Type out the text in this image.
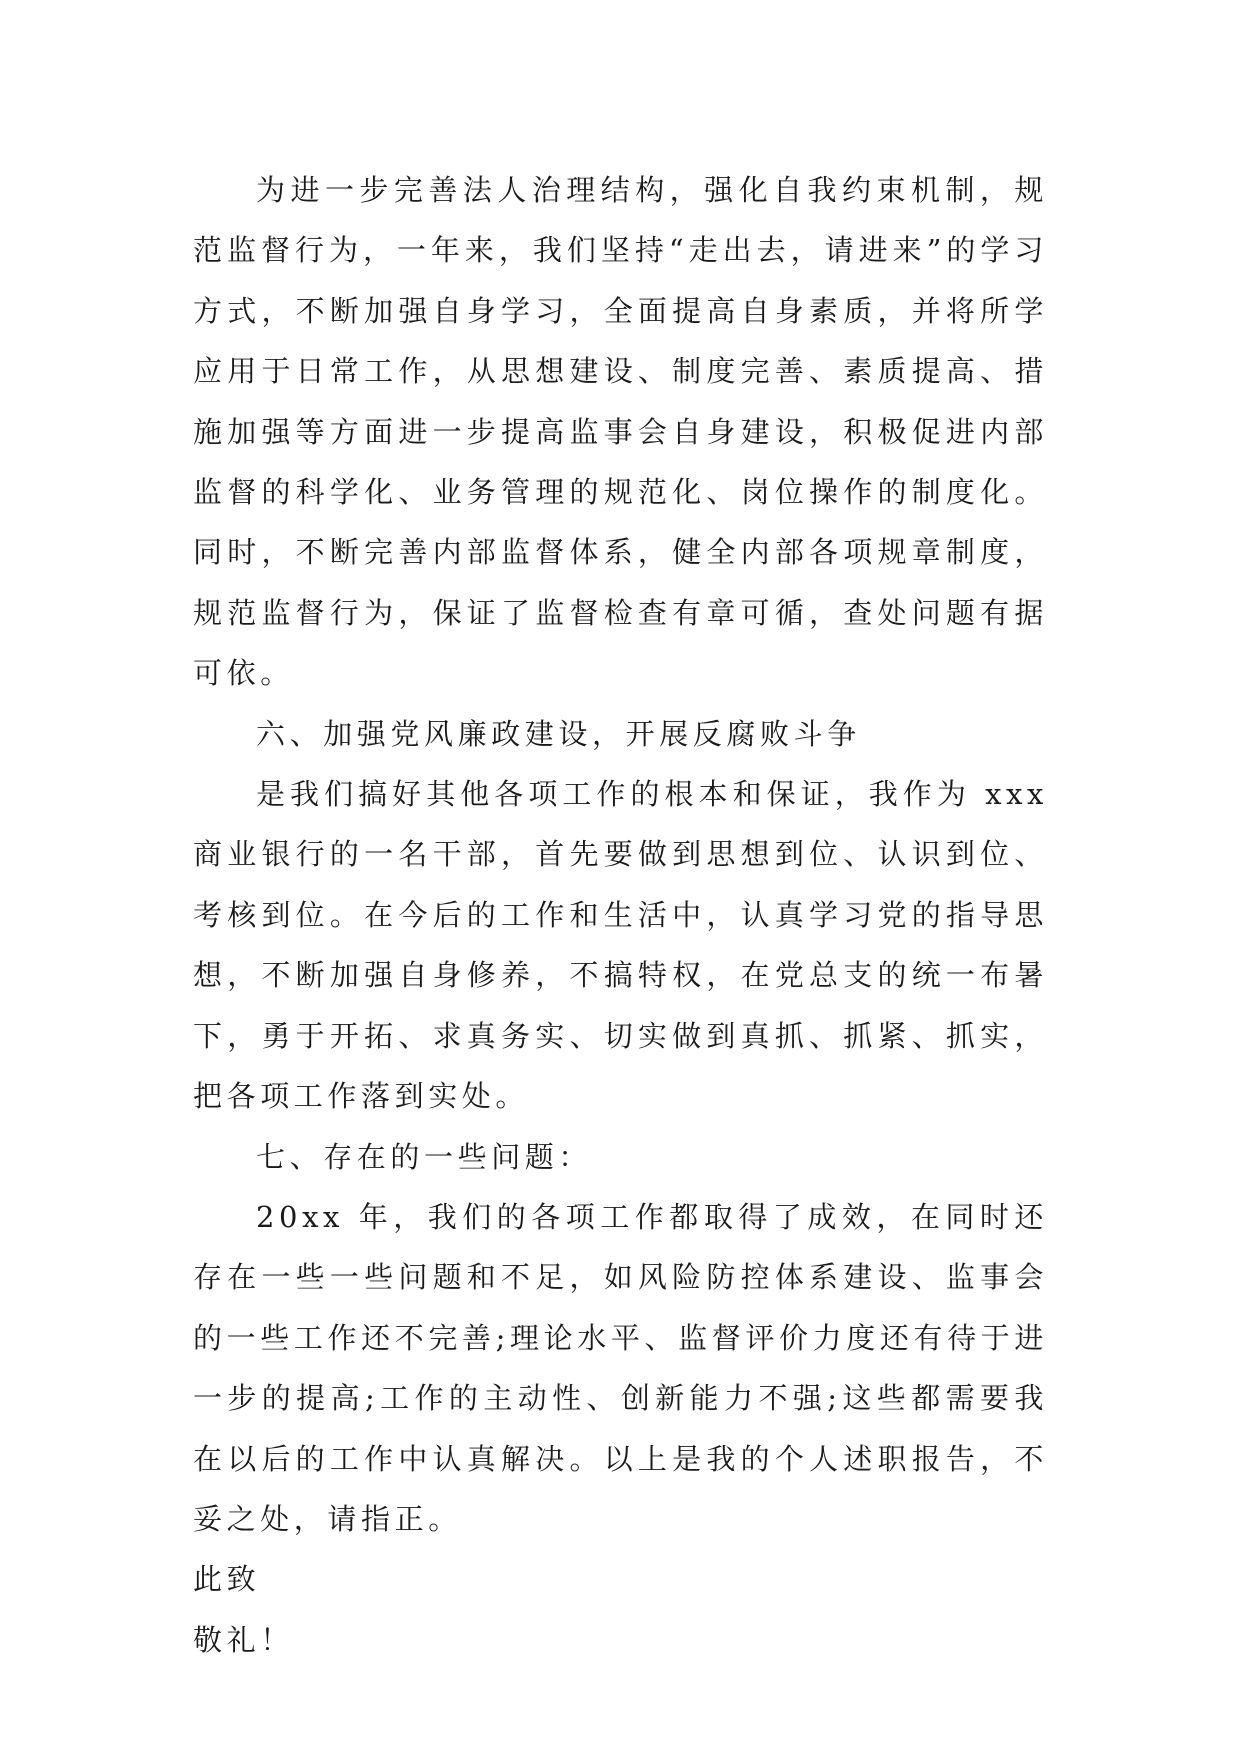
为进一步完善法人治理结构，强化自我约束机制，规范监督行为，一年来，我们坚持“走出去，请进来”的学习方式，不断加强自身学习，全面提高自身素质，并将所学应用于日常工作，从思想建设、制度完善、素质提高、措施加强等方面进一步提高监事会自身建设，积极促进内部监督的科学化、业务管理的规范化、岗位操作的制度化。同时，不断完善内部监督体系，健全内部各项规章制度，规范监督行为，保证了监督检查有章可循，查处问题有据可依。

六、加强党风廉政建设，开展反腐败斗争

是我们搞好其他各项工作的根本和保证，我作为 xxx 商业银行的一名干部，首先要做到思想到位、认识到位、考核到位。在今后的工作和生活中，认真学习党的指导思想，不断加强自身修养，不搞特权，在党总支的统一布暑下，勇于开拓、求真务实、切实做到真抓、抓紧、抓实，把各项工作落到实处。

七、存在的一些问题：

20xx 年，我们的各项工作都取得了成效，在同时还存在一些一些问题和不足，如风险防控体系建设、监事会的一些工作还不完善;理论水平、监督评价力度还有待于进一步的提高;工作的主动性、创新能力不强;这些都需要我在以后的工作中认真解决。以上是我的个人述职报告，不妥之处，请指正。

此致

敬礼！
